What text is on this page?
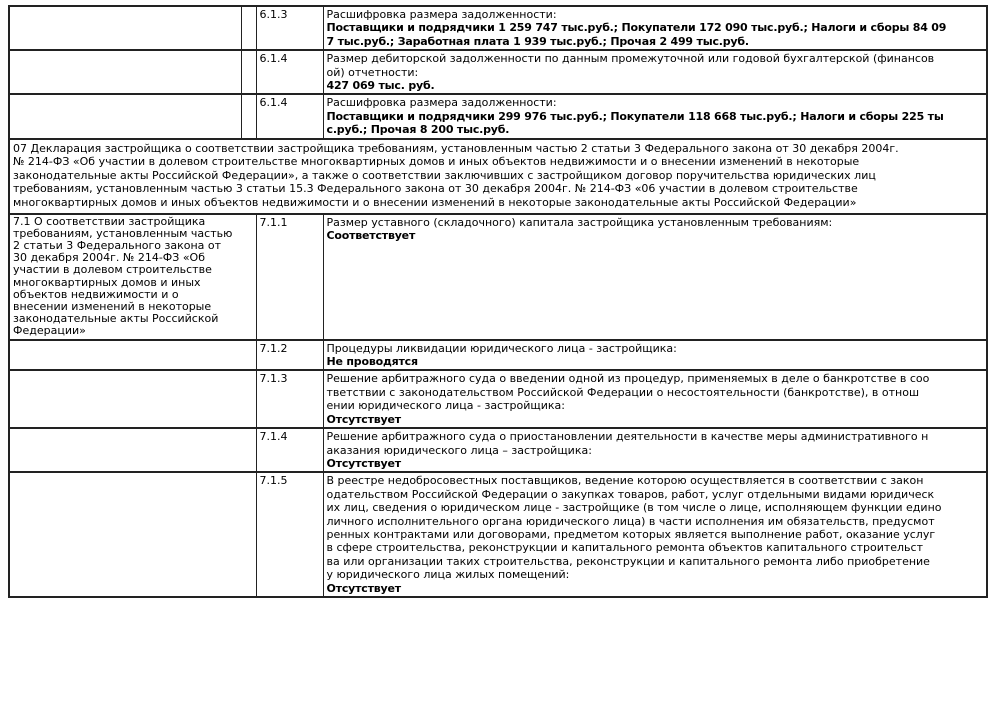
		6.1.3	Расшифровка размера задолженности:
Поставщики и подрядчики 1 259 747 тыс.руб.; Покупатели 172 090 тыс.руб.; Налоги и сборы 84 09
7 тыс.руб.; Заработная плата 1 939 тыс.руб.; Прочая 2 499 тыс.руб.

		6.1.4	Размер дебиторской задолженности по данным промежуточной или годовой бухгалтерской (финансов
ой) отчетности:
427 069 тыс. руб.

		6.1.4	Расшифровка размера задолженности:
Поставщики и подрядчики 299 976 тыс.руб.; Покупатели 118 668 тыс.руб.; Налоги и сборы 225 ты
с.руб.; Прочая 8 200 тыс.руб.
07 Декларация застройщика о соответствии застройщика требованиям, установленным частью 2 статьи 3 Федерального закона от 30 декабря 2004г.
№ 214-ФЗ «Об участии в долевом строительстве многоквартирных домов и иных объектов недвижимости и о внесении изменений в некоторые
законодательные акты Российской Федерации», а также о соответствии заключивших с застройщиком договор поручительства юридических лиц
требованиям, установленным частью 3 статьи 15.3 Федерального закона от 30 декабря 2004г. № 214-ФЗ «06 участии в долевом строительстве
многоквартирных домов и иных объектов недвижимости и о внесении изменений в некоторые законодательные акты Российской Федерации»
7.1 О соответствии застройщика
требованиям, установленным частью
2 статьи 3 Федерального закона от
30 декабря 2004г. № 214-ФЗ «Об
участии в долевом строительстве
многоквартирных домов и иных
объектов недвижимости и о
внесении изменений в некоторые
законодательные акты Российской
Федерации»
	7.1.1	Размер уставного (складочного) капитала застройщика установленным требованиям:
Соответствует

	7.1.2	Процедуры ликвидации юридического лица - застройщика:
Не проводятся

	7.1.3	Решение арбитражного суда о введении одной из процедур, применяемых в деле о банкротстве в соо
тветствии с законодательством Российской Федерации о несостоятельности (банкротстве), в отнош
ении юридического лица - застройщика:
Отсутствует

	7.1.4	Решение арбитражного суда о приостановлении деятельности в качестве меры административного н
аказания юридического лица – застройщика:
Отсутствует

	7.1.5	В реестре недобросовестных поставщиков, ведение которою осуществляется в соответствии с закон
одательством Российской Федерации о закупках товаров, работ, услуг отдельными видами юридическ
их лиц, сведения о юридическом лице - застройщике (в том числе о лице, исполняющем функции едино
личного исполнительного органа юридического лица) в части исполнения им обязательств, предусмот
ренных контрактами или договорами, предметом которых является выполнение работ, оказание услуг
в сфере строительства, реконструкции и капитального ремонта объектов капитального строительст
ва или организации таких строительства, реконструкции и капитального ремонта либо приобретение
у юридического лица жилых помещений:
Отсутствует
